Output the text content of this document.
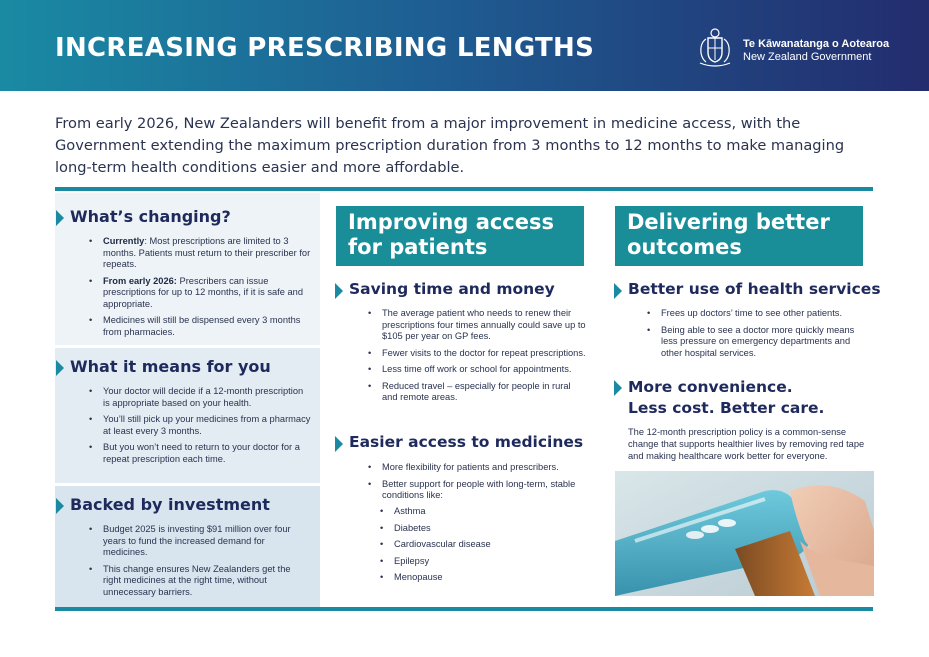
INCREASING PRESCRIBING LENGTHS	Te Kāwanatanga o Aotearoa
New Zealand Government
From early 2026, New Zealanders will benefit from a major improvement in medicine access, with the Government extending the maximum prescription duration from 3 months to 12 months to make managing long-term health conditions easier and more affordable.
What’s changing?
• Currently: Most prescriptions are limited to 3 months. Patients must return to their prescriber for repeats.
• From early 2026: Prescribers can issue prescriptions for up to 12 months, if it is safe and appropriate.
• Medicines will still be dispensed every 3 months from pharmacies.
What it means for you
• Your doctor will decide if a 12-month prescription is appropriate based on your health.
• You’ll still pick up your medicines from a pharmacy at least every 3 months.
• But you won’t need to return to your doctor for a repeat prescription each time.
Backed by investment
• Budget 2025 is investing $91 million over four years to fund the increased demand for medicines.
• This change ensures New Zealanders get the right medicines at the right time, without unnecessary barriers.
Improving access for patients
Saving time and money
• The average patient who needs to renew their prescriptions four times annually could save up to $105 per year on GP fees.
• Fewer visits to the doctor for repeat prescriptions.
• Less time off work or school for appointments.
• Reduced travel – especially for people in rural and remote areas.
Easier access to medicines
• More flexibility for patients and prescribers.
• Better support for people with long-term, stable conditions like:
• Asthma
• Diabetes
• Cardiovascular disease
• Epilepsy
• Menopause
Delivering better outcomes
Better use of health services
• Frees up doctors’ time to see other patients.
• Being able to see a doctor more quickly means less pressure on emergency departments and other hospital services.
More convenience.
Less cost. Better care.
The 12-month prescription policy is a common-sense change that supports healthier lives by removing red tape and making healthcare work better for everyone.
